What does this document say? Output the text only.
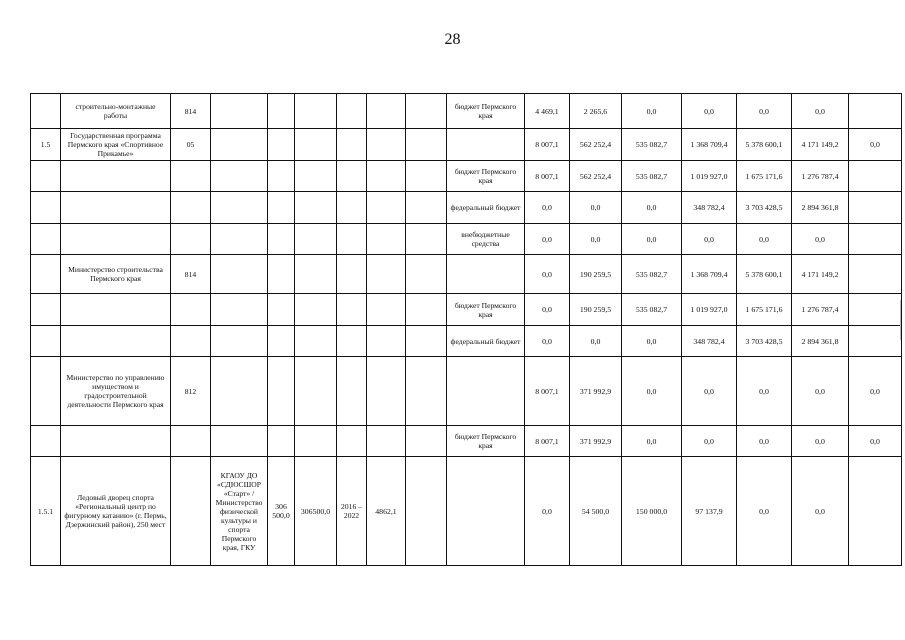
28
	строительно-монтажные работы	814							бюджет Пермского края	4 469,1	2 265,6	0,0	0,0	0,0	0,0	
1.5	Государственная программа Пермского края «Спортивное Прикамье»	05								8 007,1	562 252,4	535 082,7	1 368 709,4	5 378 600,1	4 171 149,2	0,0
									бюджет Пермского края	8 007,1	562 252,4	535 082,7	1 019 927,0	1 675 171,6	1 276 787,4	
									федеральный бюджет	0,0	0,0	0,0	348 782,4	3 703 428,5	2 894 361,8	
									внебюджетные средства	0,0	0,0	0,0	0,0	0,0	0,0	
	Министерство строительства Пермского края	814								0,0	190 259,5	535 082,7	1 368 709,4	5 378 600,1	4 171 149,2	
									бюджет Пермского края	0,0	190 259,5	535 082,7	1 019 927,0	1 675 171,6	1 276 787,4	
									федеральный бюджет	0,0	0,0	0,0	348 782,4	3 703 428,5	2 894 361,8	
	Министерство по управлению имуществом и градостроительной деятельности Пермского края	812								8 007,1	371 992,9	0,0	0,0	0,0	0,0	0,0
									бюджет Пермского края	8 007,1	371 992,9	0,0	0,0	0,0	0,0	0,0
1.5.1	Ледовый дворец спорта «Региональный центр по фигурному катанию» (г. Пермь, Дзержинский район), 250 мест		КГАОУ ДО «СДЮСШОР «Старт» / Министерство физической культуры и спорта Пермского края, ГКУ	306 500,0	306500,0	2016 – 2022	4862,1			0,0	54 500,0	150 000,0	97 137,9	0,0	0,0	
